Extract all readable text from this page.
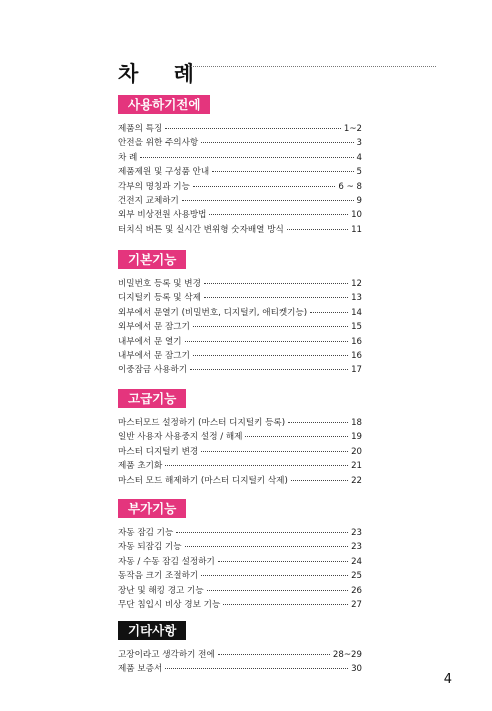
차 례
사용하기전에
제품의 특징	1~2
안전을 위한 주의사항	3
차 례	4
제품제원 및 구성품 안내	5
각부의 명칭과 기능	6 ~ 8
건전지 교체하기	9
외부 비상전원 사용방법	10
터치식 버튼 및 실시간 변위형 숫자배열 방식	11
기본기능
비밀번호 등록 및 변경	12
디지털키 등록 및 삭제	13
외부에서 문열기 (비밀번호, 디지털키, 애티켓기능)	14
외부에서 문 잠그기	15
내부에서 문 열기	16
내부에서 문 잠그기	16
이중잠금 사용하기	17
고급기능
마스터모드 설정하기 (마스터 디지털키 등록)	18
일반 사용자 사용중지 설정 / 해제	19
마스터 디지털키 변경	20
제품 초기화	21
마스터 모드 해제하기 (마스터 디지털키 삭제)	22
부가기능
자동 잠김 기능	23
자동 되잠김 기능	23
자동 / 수동 잠김 설정하기	24
동작음 크기 조절하기	25
장난 및 해킹 경고 기능	26
무단 침입시 비상 경보 기능	27
기타사항
고장이라고 생각하기 전에	28~29
제품 보증서	30
4
